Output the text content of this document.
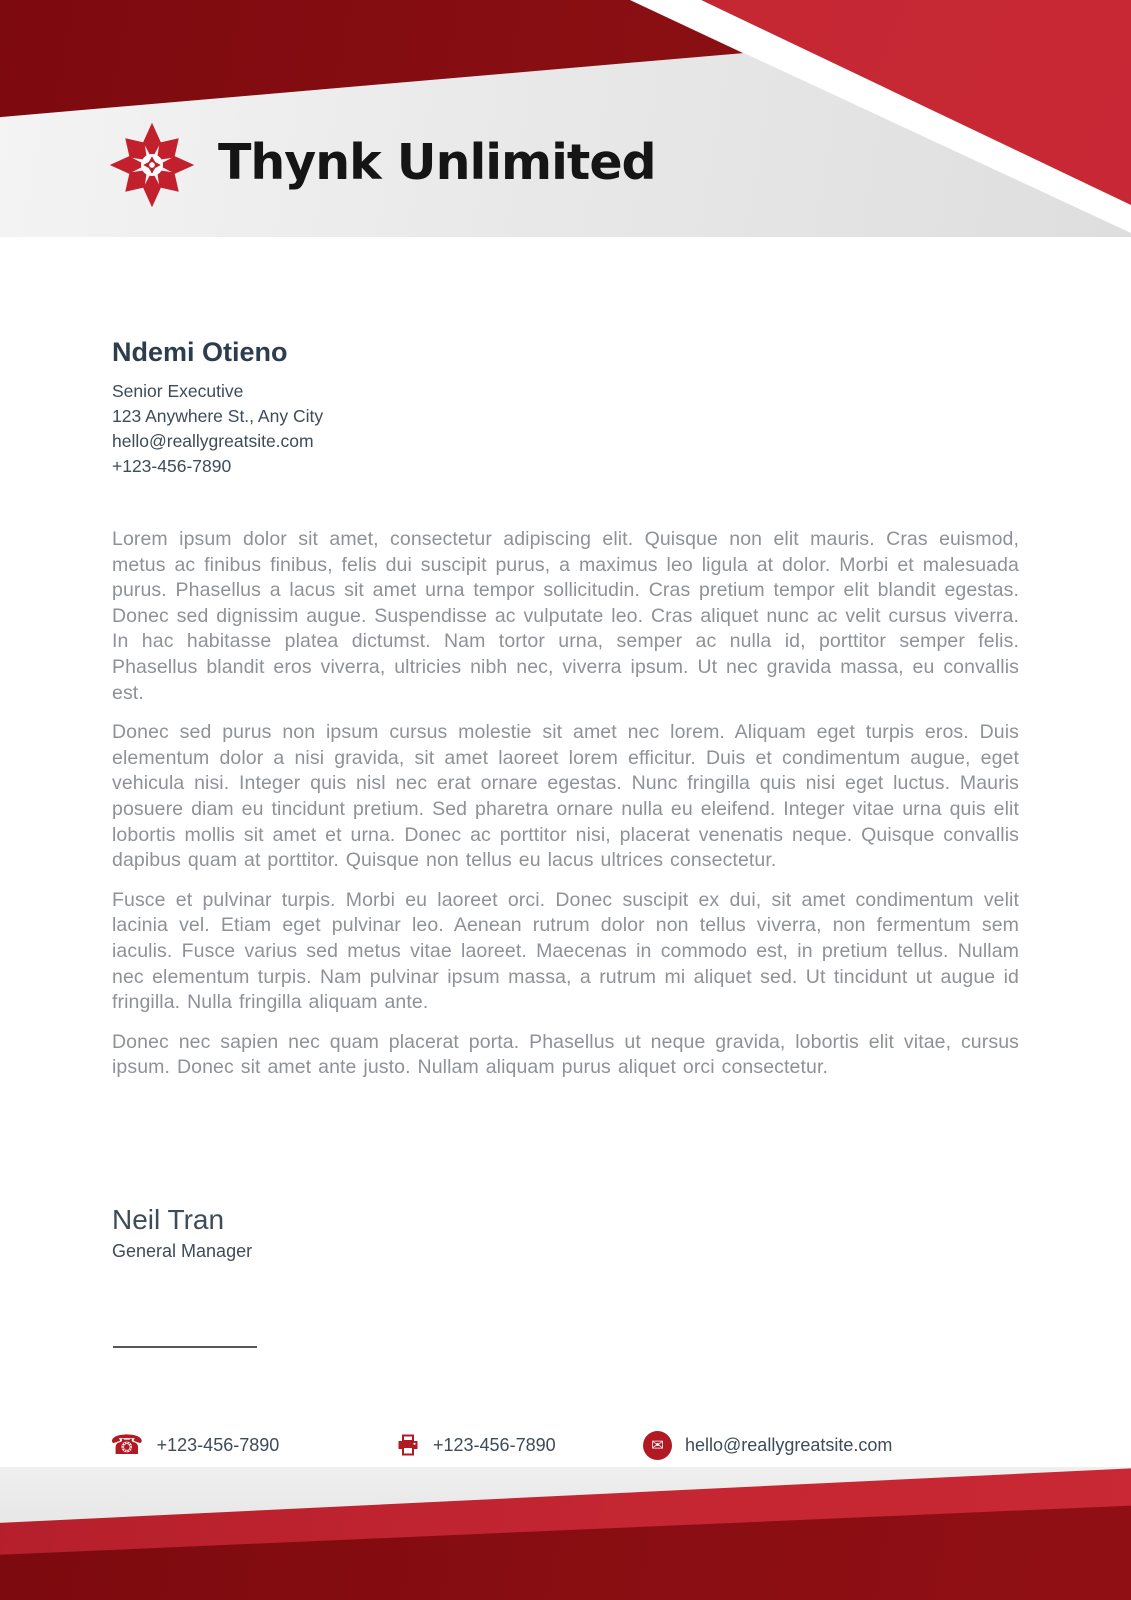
Thynk Unlimited
Ndemi Otieno
Senior Executive
123 Anywhere St., Any City
hello@reallygreatsite.com
+123-456-7890

Lorem ipsum dolor sit amet, consectetur adipiscing elit. Quisque non elit mauris. Cras euismod, metus ac finibus finibus, felis dui suscipit purus, a maximus leo ligula at dolor. Morbi et malesuada purus. Phasellus a lacus sit amet urna tempor sollicitudin. Cras pretium tempor elit blandit egestas. Donec sed dignissim augue. Suspendisse ac vulputate leo. Cras aliquet nunc ac velit cursus viverra. In hac habitasse platea dictumst. Nam tortor urna, semper ac nulla id, porttitor semper felis. Phasellus blandit eros viverra, ultricies nibh nec, viverra ipsum. Ut nec gravida massa, eu convallis est.

Donec sed purus non ipsum cursus molestie sit amet nec lorem. Aliquam eget turpis eros. Duis elementum dolor a nisi gravida, sit amet laoreet lorem efficitur. Duis et condimentum augue, eget vehicula nisi. Integer quis nisl nec erat ornare egestas. Nunc fringilla quis nisi eget luctus. Mauris posuere diam eu tincidunt pretium. Sed pharetra ornare nulla eu eleifend. Integer vitae urna quis elit lobortis mollis sit amet et urna. Donec ac porttitor nisi, placerat venenatis neque. Quisque convallis dapibus quam at porttitor. Quisque non tellus eu lacus ultrices consectetur.

Fusce et pulvinar turpis. Morbi eu laoreet orci. Donec suscipit ex dui, sit amet condimentum velit lacinia vel. Etiam eget pulvinar leo. Aenean rutrum dolor non tellus viverra, non fermentum sem iaculis. Fusce varius sed metus vitae laoreet. Maecenas in commodo est, in pretium tellus. Nullam nec elementum turpis. Nam pulvinar ipsum massa, a rutrum mi aliquet sed. Ut tincidunt ut augue id fringilla. Nulla fringilla aliquam ante.

Donec nec sapien nec quam placerat porta. Phasellus ut neque gravida, lobortis elit vitae, cursus ipsum. Donec sit amet ante justo. Nullam aliquam purus aliquet orci consectetur.

Neil Tran
General Manager
☎ +123-456-7890	+123-456-7890	✉	hello@reallygreatsite.com
